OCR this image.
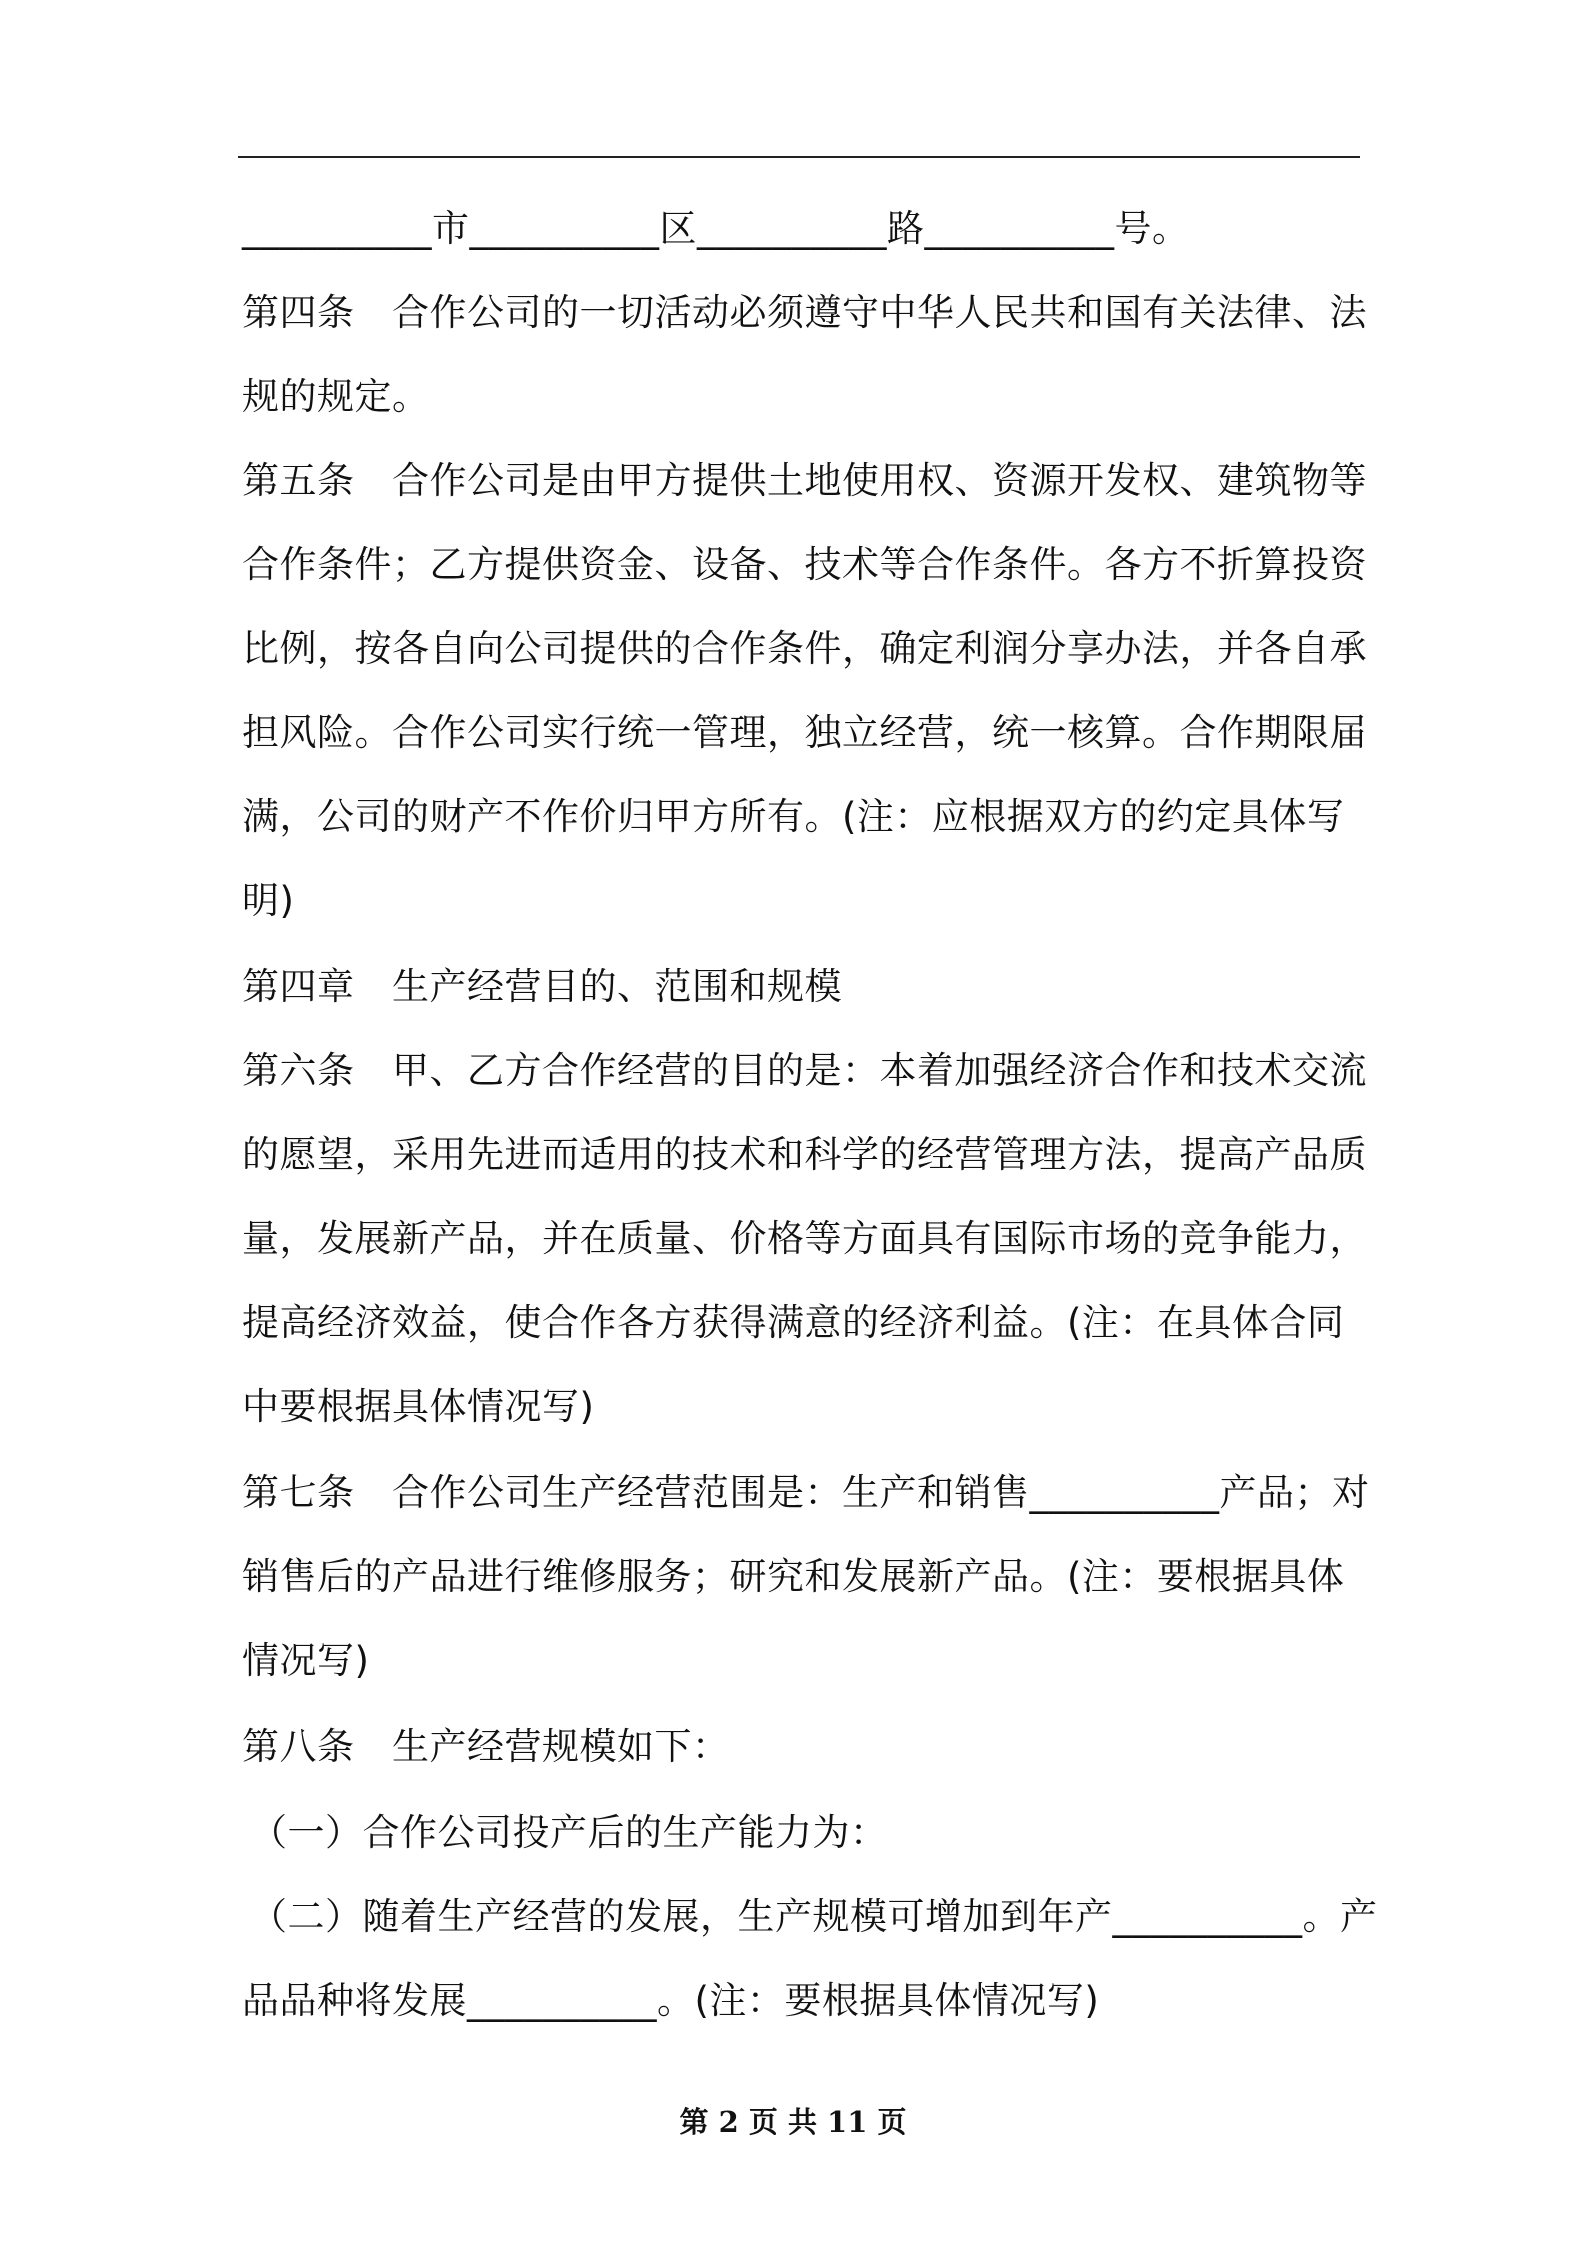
__________市__________区__________路__________号。
第四条　合作公司的一切活动必须遵守中华人民共和国有关法律、法
规的规定。
第五条　合作公司是由甲方提供土地使用权、资源开发权、建筑物等
合作条件；乙方提供资金、设备、技术等合作条件。各方不折算投资
比例，按各自向公司提供的合作条件，确定利润分享办法，并各自承
担风险。合作公司实行统一管理，独立经营，统一核算。合作期限届
满，公司的财产不作价归甲方所有。(注：应根据双方的约定具体写
明)
第四章　生产经营目的、范围和规模
第六条　甲、乙方合作经营的目的是：本着加强经济合作和技术交流
的愿望，采用先进而适用的技术和科学的经营管理方法，提高产品质
量，发展新产品，并在质量、价格等方面具有国际市场的竞争能力，
提高经济效益，使合作各方获得满意的经济利益。(注：在具体合同
中要根据具体情况写)
第七条　合作公司生产经营范围是：生产和销售__________产品；对
销售后的产品进行维修服务；研究和发展新产品。(注：要根据具体
情况写)
第八条　生产经营规模如下：
（一）合作公司投产后的生产能力为：
（二）随着生产经营的发展，生产规模可增加到年产__________。产
品品种将发展__________。(注：要根据具体情况写)
第 2 页 共 11 页
